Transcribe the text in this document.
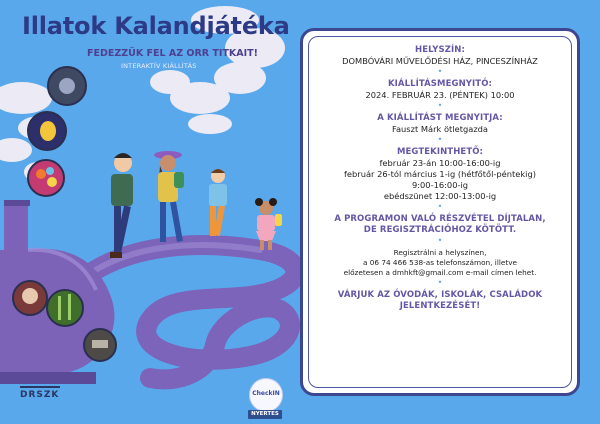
Illatok Kalandjátéka
FEDEZZÜK FEL AZ ORR TITKAIT!
INTERAKTÍV KIÁLLÍTÁS
HELYSZÍN:
DOMBÓVÁRI MŰVELŐDÉSI HÁZ, PINCESZÍNHÁZ
•
KIÁLLÍTÁSMEGNYITÓ:
2024. FEBRUÁR 23. (PÉNTEK) 10:00
•
A KIÁLLÍTÁST MEGNYITJA:
Fauszt Márk ötletgazda
•
MEGTEKINTHETŐ:
február 23-án 10:00-16:00-ig
február 26-tól március 1-ig (hétfőtől-péntekig)
9:00-16:00-ig
ebédszünet 12:00-13:00-ig
•
A PROGRAMON VALÓ RÉSZVÉTEL DÍJTALAN,
DE REGISZTRÁCIÓHOZ KÖTÖTT.
•
Regisztrálni a helyszínen,
a 06 74 466 538-as telefonszámon, illetve
előzetesen a dmhkft@gmail.com e-mail címen lehet.
•
VÁRJUK AZ ÓVODÁK, ISKOLÁK, CSALÁDOK
JELENTKEZÉSÉT!
DRSZK	CheckIN
NYERTES
